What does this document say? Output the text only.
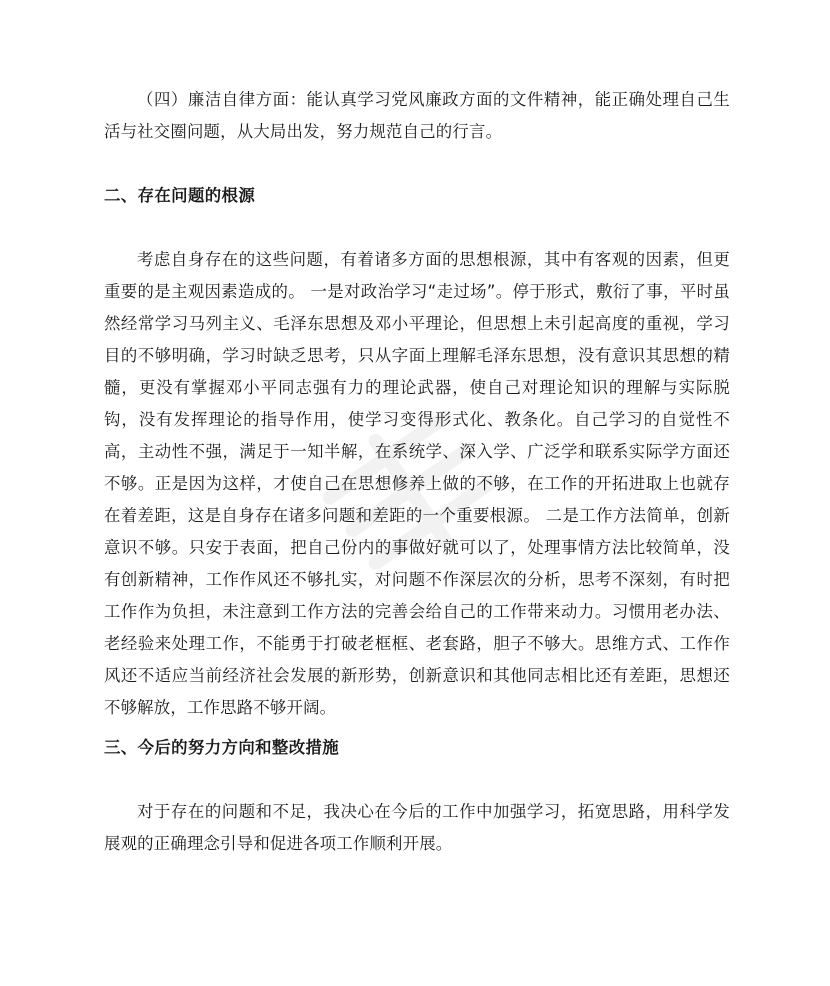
（四）廉洁自律方面：能认真学习党风廉政方面的文件精神，能正确处理自己生活与社交圈问题，从大局出发，努力规范自己的行言。

二、存在问题的根源

考虑自身存在的这些问题，有着诸多方面的思想根源，其中有客观的因素，但更重要的是主观因素造成的。 一是对政治学习“走过场”。停于形式，敷衍了事，平时虽然经常学习马列主义、毛泽东思想及邓小平理论，但思想上未引起高度的重视，学习目的不够明确，学习时缺乏思考，只从字面上理解毛泽东思想，没有意识其思想的精髓，更没有掌握邓小平同志强有力的理论武器，使自己对理论知识的理解与实际脱钩，没有发挥理论的指导作用，使学习变得形式化、教条化。自己学习的自觉性不高，主动性不强，满足于一知半解，在系统学、深入学、广泛学和联系实际学方面还不够。正是因为这样，才使自己在思想修养上做的不够，在工作的开拓进取上也就存在着差距，这是自身存在诸多问题和差距的一个重要根源。 二是工作方法简单，创新意识不够。只安于表面，把自己份内的事做好就可以了，处理事情方法比较简单，没有创新精神，工作作风还不够扎实，对问题不作深层次的分析，思考不深刻，有时把工作作为负担，未注意到工作方法的完善会给自己的工作带来动力。习惯用老办法、老经验来处理工作，不能勇于打破老框框、老套路，胆子不够大。思维方式、工作作风还不适应当前经济社会发展的新形势，创新意识和其他同志相比还有差距，思想还不够解放，工作思路不够开阔。

三、今后的努力方向和整改措施

对于存在的问题和不足，我决心在今后的工作中加强学习，拓宽思路，用科学发展观的正确理念引导和促进各项工作顺利开展。
